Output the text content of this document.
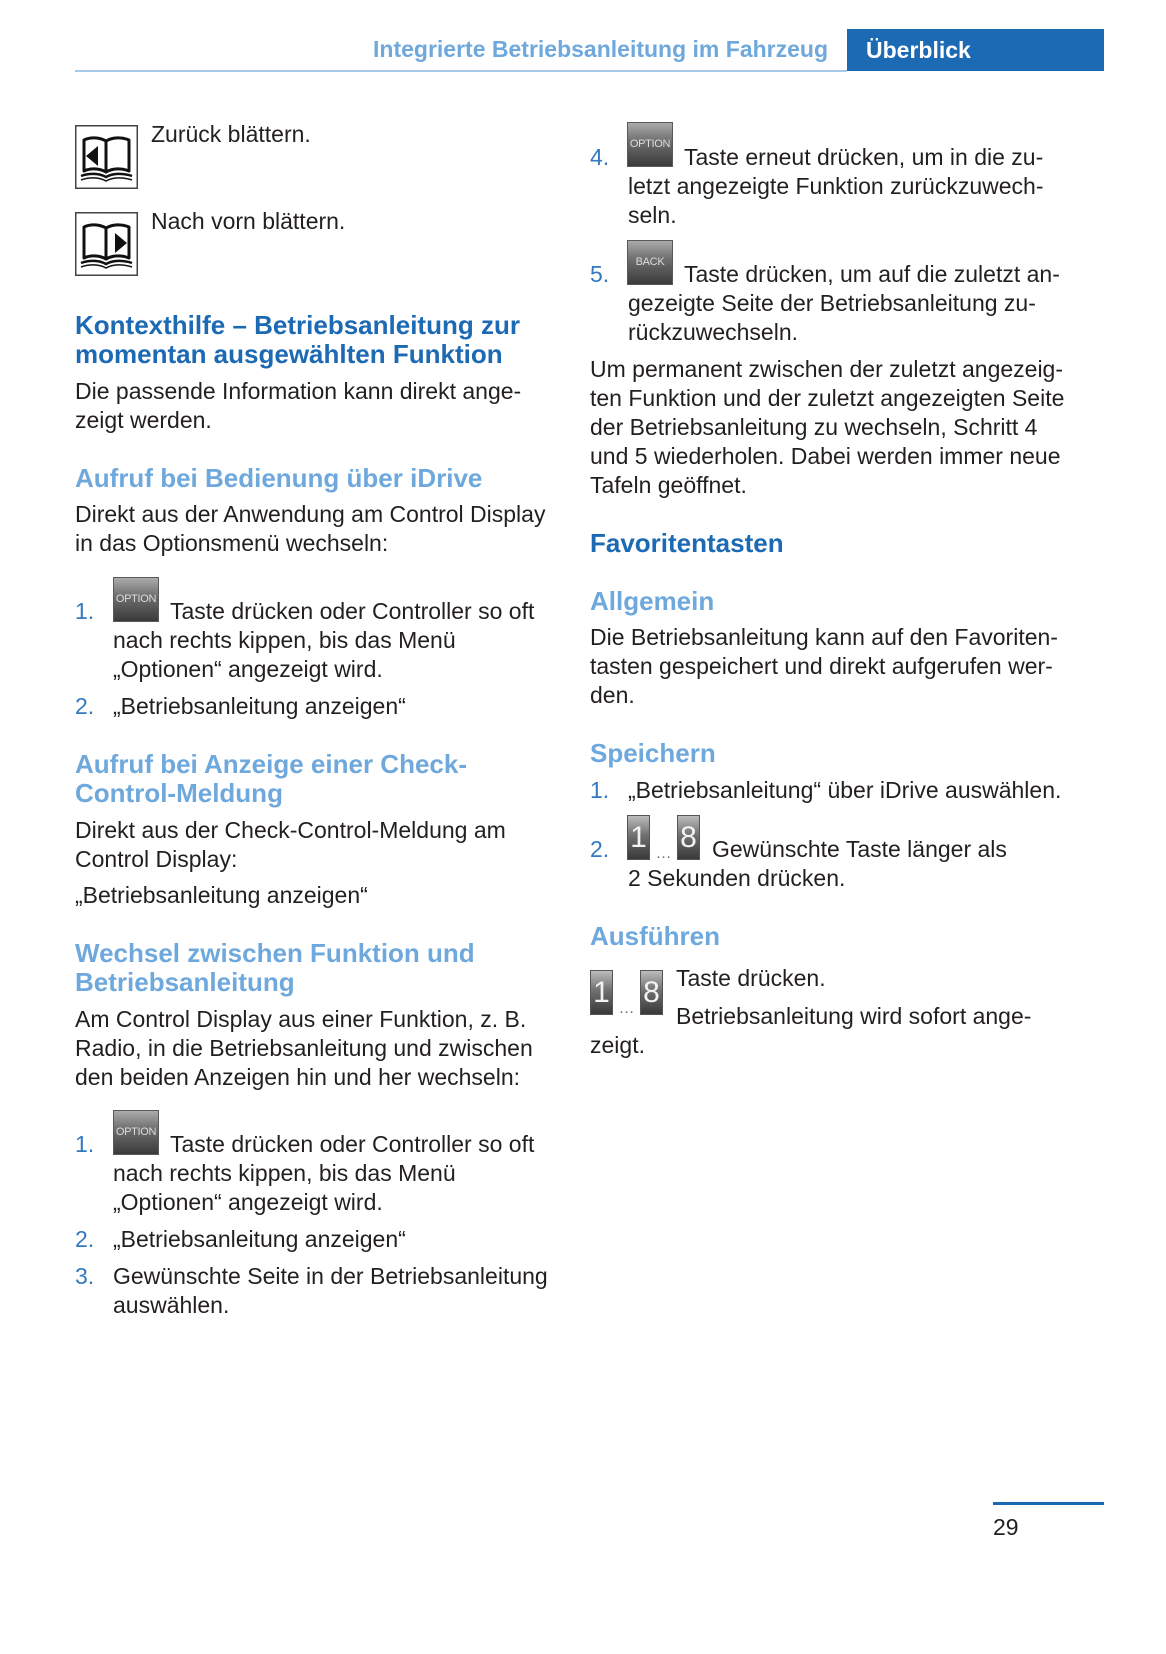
Integrierte Betriebsanleitung im Fahrzeug	Überblick
Zurück blättern.
Nach vorn blättern.
Kontexthilfe – Betriebsanleitung zur
momentan ausgewählten Funktion
Die passende Information kann direkt ange-
zeigt werden.
Aufruf bei Bedienung über iDrive
Direkt aus der Anwendung am Control Display
in das Optionsmenü wechseln:
1. OPTION Taste drücken oder Controller so oft
nach rechts kippen, bis das Menü
„Optionen“ angezeigt wird.
2. „Betriebsanleitung anzeigen“
Aufruf bei Anzeige einer Check-
Control-Meldung
Direkt aus der Check-Control-Meldung am
Control Display:
„Betriebsanleitung anzeigen“
Wechsel zwischen Funktion und
Betriebsanleitung
Am Control Display aus einer Funktion, z. B.
Radio, in die Betriebsanleitung und zwischen
den beiden Anzeigen hin und her wechseln:
1. OPTION Taste drücken oder Controller so oft
nach rechts kippen, bis das Menü
„Optionen“ angezeigt wird.
2. „Betriebsanleitung anzeigen“
3. Gewünschte Seite in der Betriebsanleitung
auswählen.
4. OPTION Taste erneut drücken, um in die zu-
letzt angezeigte Funktion zurückzuwech-
seln.
5.	BACK Taste drücken, um auf die zuletzt an-
gezeigte Seite der Betriebsanleitung zu-
rückzuwechseln.
Um permanent zwischen der zuletzt angezeig-
ten Funktion und der zuletzt angezeigten Seite
der Betriebsanleitung zu wechseln, Schritt 4
und 5 wiederholen. Dabei werden immer neue
Tafeln geöffnet.
Favoritentasten
Allgemein
Die Betriebsanleitung kann auf den Favoriten-
tasten gespeichert und direkt aufgerufen wer-
den.
Speichern
1. „Betriebsanleitung“ über iDrive auswählen.
2. 1 … 8 Gewünschte Taste länger als
2 Sekunden drücken.
Ausführen
1 … 8 Taste drücken.
Betriebsanleitung wird sofort ange-
zeigt.
29
